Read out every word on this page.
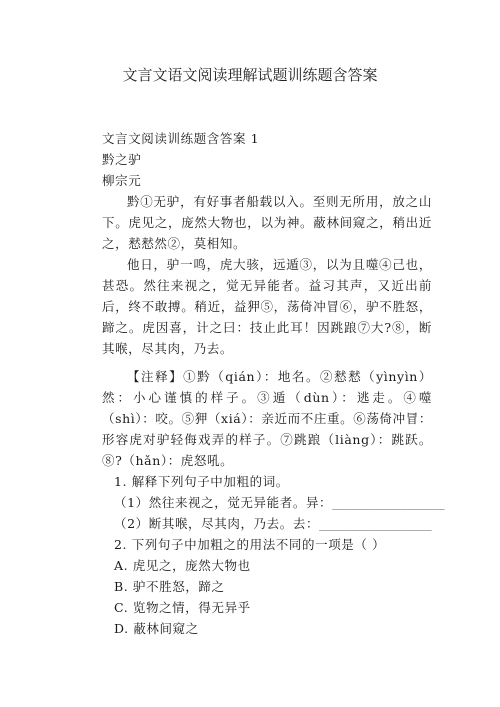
文言文语文阅读理解试题训练题含答案
文言文阅读训练题含答案 1
黔之驴
柳宗元
黔①无驴，有好事者船载以入。至则无所用，放之山下。虎见之，庞然大物也，以为神。蔽林间窥之，稍出近之，慭慭然②，莫相知。
他日，驴一鸣，虎大骇，远遁③，以为且噬④己也，甚恐。然往来视之，觉无异能者。益习其声，又近出前后，终不敢搏。稍近，益狎⑤，荡倚冲冒⑥，驴不胜怒，蹄之。虎因喜，计之曰：技止此耳！因跳踉⑦大?⑧，断其喉，尽其肉，乃去。
【注释】①黔（qián）：地名。②慭慭（yìnyìn）然：小心谨慎的样子。③遁（dùn）：逃走。④噬（shì）：咬。⑤狎（xiá）：亲近而不庄重。⑥荡倚冲冒：形容虎对驴轻侮戏弄的样子。⑦跳踉（liàng）：跳跃。⑧?（hǎn）：虎怒吼。
1. 解释下列句子中加粗的词。
（1）然往来视之，觉无异能者。异：__________________
（2）断其喉，尽其肉，乃去。去：__________________
2. 下列句子中加粗之的用法不同的一项是（ ）
A. 虎见之，庞然大物也
B. 驴不胜怒，蹄之
C. 览物之情，得无异乎
D. 蔽林间窥之
